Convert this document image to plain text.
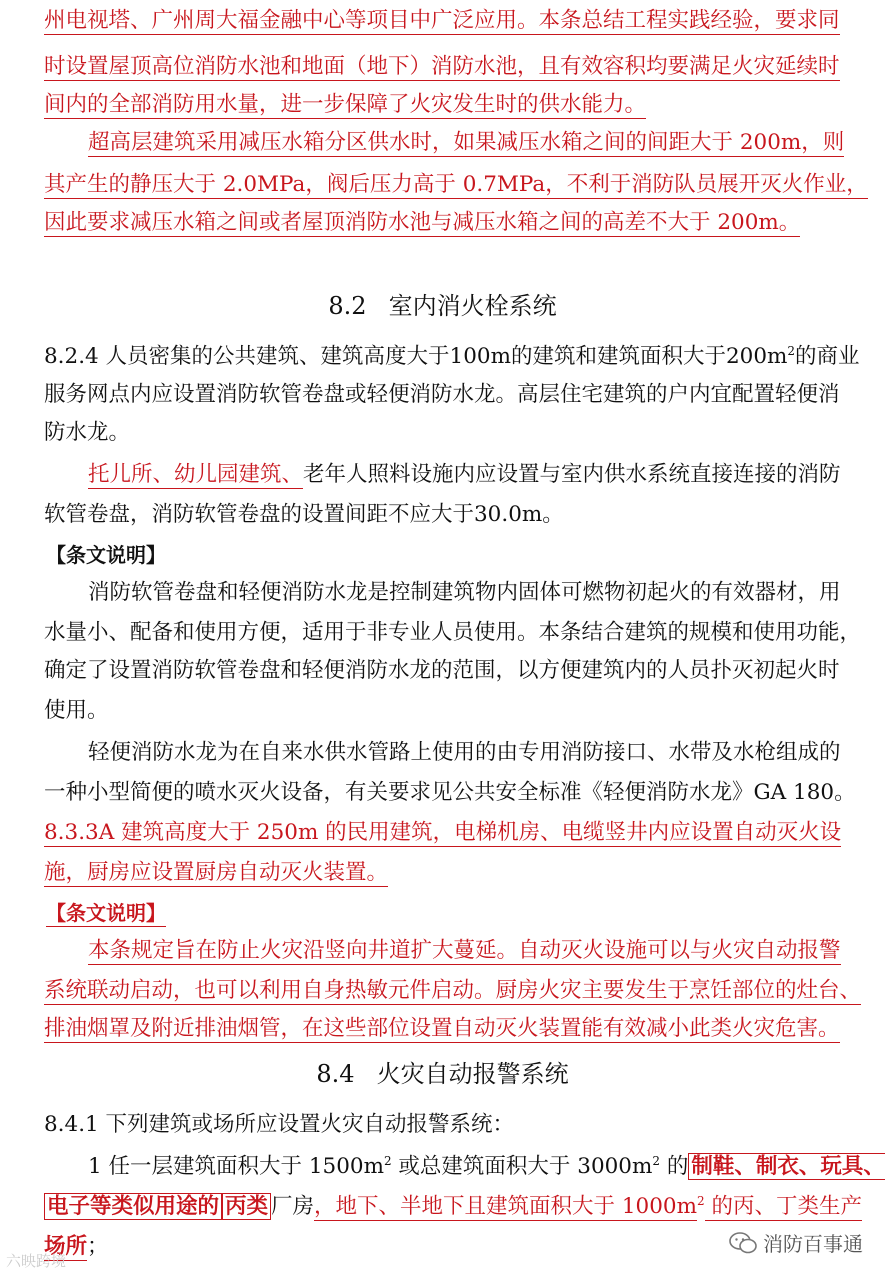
州电视塔、广州周大福金融中心等项目中广泛应用。本条总结工程实践经验，要求同
时设置屋顶高位消防水池和地面（地下）消防水池，且有效容积均要满足火灾延续时
间内的全部消防用水量，进一步保障了火灾发生时的供水能力。
超高层建筑采用减压水箱分区供水时，如果减压水箱之间的间距大于 200m，则
其产生的静压大于 2.0MPa，阀后压力高于 0.7MPa，不利于消防队员展开灭火作业，
因此要求减压水箱之间或者屋顶消防水池与减压水箱之间的高差不大于 200m。
8.2 室内消火栓系统
8.2.4 人员密集的公共建筑、建筑高度大于100m的建筑和建筑面积大于$200m^2$的商业
服务网点内应设置消防软管卷盘或轻便消防水龙。高层住宅建筑的户内宜配置轻便消
防水龙。
托儿所、幼儿园建筑、老年人照料设施内应设置与室内供水系统直接连接的消防
软管卷盘，消防软管卷盘的设置间距不应大于30.0m。
【条文说明】
消防软管卷盘和轻便消防水龙是控制建筑物内固体可燃物初起火的有效器材，用
水量小、配备和使用方便，适用于非专业人员使用。本条结合建筑的规模和使用功能，
确定了设置消防软管卷盘和轻便消防水龙的范围，以方便建筑内的人员扑灭初起火时
使用。
轻便消防水龙为在自来水供水管路上使用的由专用消防接口、水带及水枪组成的
一种小型简便的喷水灭火设备，有关要求见公共安全标准《轻便消防水龙》GA 180。
8.3.3A 建筑高度大于 250m 的民用建筑，电梯机房、电缆竖井内应设置自动灭火设
施，厨房应设置厨房自动灭火装置。
【条文说明】
本条规定旨在防止火灾沿竖向井道扩大蔓延。自动灭火设施可以与火灾自动报警
系统联动启动，也可以利用自身热敏元件启动。厨房火灾主要发生于烹饪部位的灶台、
排油烟罩及附近排油烟管，在这些部位设置自动灭火装置能有效减小此类火灾危害。
8.4 火灾自动报警系统
8.4.1 下列建筑或场所应设置火灾自动报警系统：
1 任一层建筑面积大于 $1500m^2$ 或总建筑面积大于 $3000m^2$ 的 制鞋、制衣、玩具、
电子等类似用途的 丙类 厂房，地下、半地下且建筑面积大于 $1000m^2$ 的丙、丁类生产
场所；	消防百事通
六映跨境
